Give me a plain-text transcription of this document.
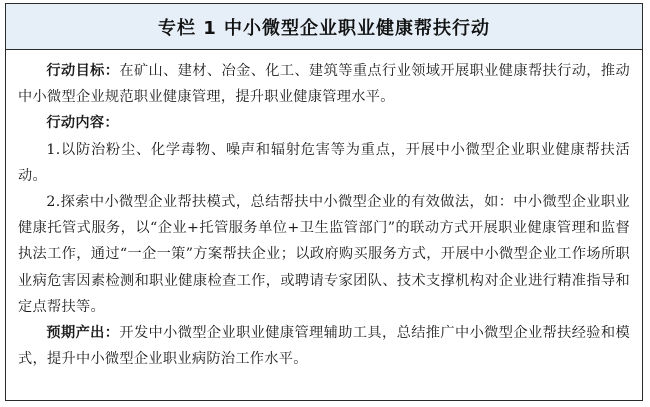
专栏 1 中小微型企业职业健康帮扶行动

行动目标：在矿山、建材、冶金、化工、建筑等重点行业领域开展职业健康帮扶行动，推动中小微型企业规范职业健康管理，提升职业健康管理水平。

行动内容：

1.以防治粉尘、化学毒物、噪声和辐射危害等为重点，开展中小微型企业职业健康帮扶活动。

2.探索中小微型企业帮扶模式，总结帮扶中小微型企业的有效做法，如：中小微型企业职业健康托管式服务，以“企业+托管服务单位+卫生监管部门”的联动方式开展职业健康管理和监督执法工作，通过“一企一策”方案帮扶企业；以政府购买服务方式，开展中小微型企业工作场所职业病危害因素检测和职业健康检查工作，或聘请专家团队、技术支撑机构对企业进行精准指导和定点帮扶等。

预期产出：开发中小微型企业职业健康管理辅助工具，总结推广中小微型企业帮扶经验和模式，提升中小微型企业职业病防治工作水平。
